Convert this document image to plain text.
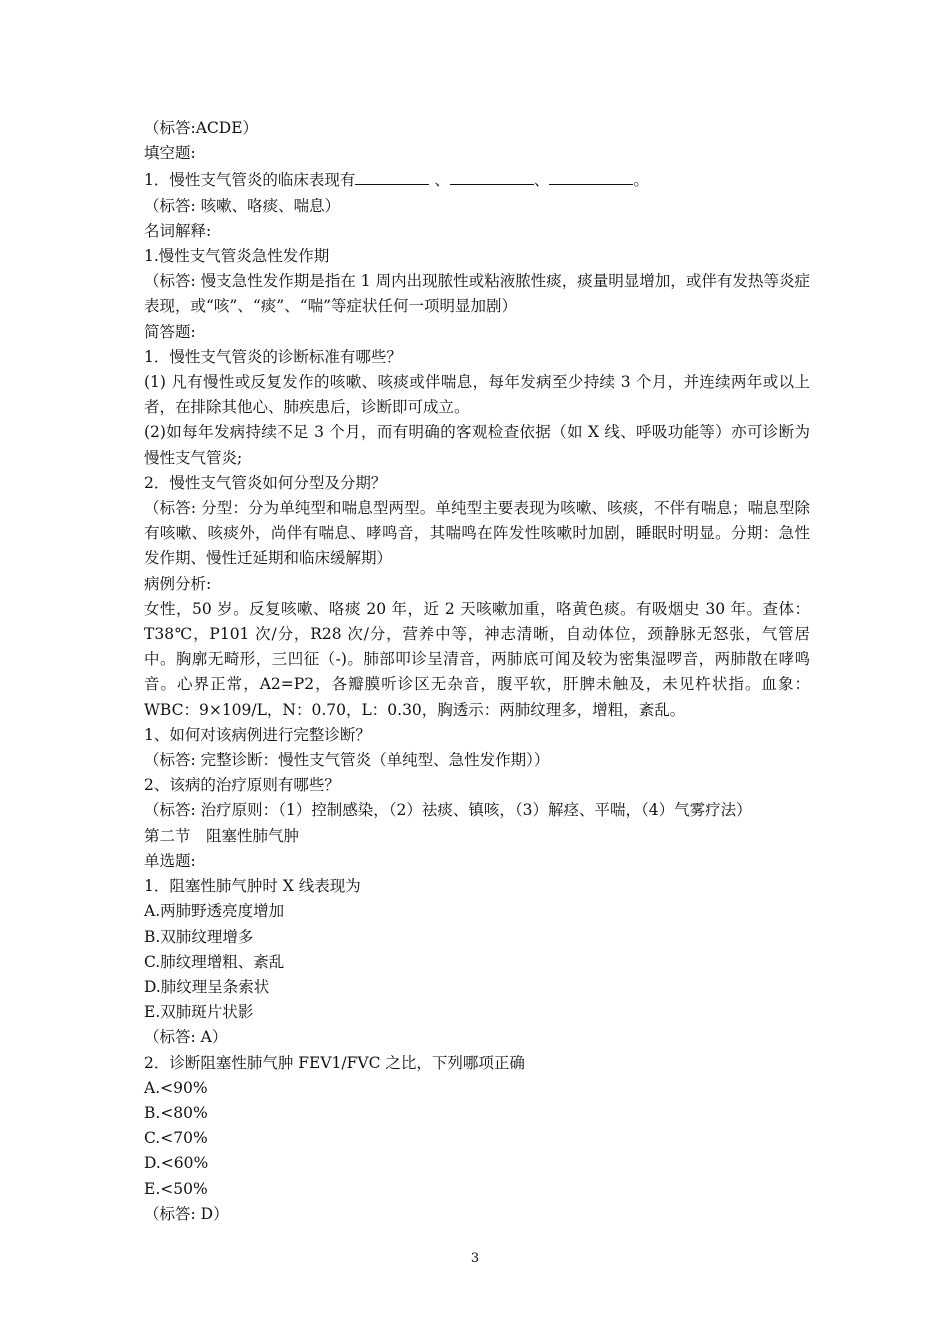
（标答:ACDE）
填空题:
1．慢性支气管炎的临床表现有	、	、	。
（标答: 咳嗽、咯痰、喘息）
名词解释:
1.慢性支气管炎急性发作期
（标答: 慢支急性发作期是指在 1 周内出现脓性或粘液脓性痰，痰量明显增加，或伴有发热等炎症表现，或“咳”、“痰”、“喘”等症状任何一项明显加剧）
简答题:
1．慢性支气管炎的诊断标准有哪些？
(1) 凡有慢性或反复发作的咳嗽、咳痰或伴喘息，每年发病至少持续 3 个月，并连续两年或以上者，在排除其他心、肺疾患后，诊断即可成立。
(2)如每年发病持续不足 3 个月，而有明确的客观检查依据（如 X 线、呼吸功能等）亦可诊断为慢性支气管炎;
2．慢性支气管炎如何分型及分期？
（标答: 分型：分为单纯型和喘息型两型。单纯型主要表现为咳嗽、咳痰，不伴有喘息；喘息型除有咳嗽、咳痰外，尚伴有喘息、哮鸣音，其喘鸣在阵发性咳嗽时加剧，睡眠时明显。分期：急性发作期、慢性迁延期和临床缓解期）
病例分析:
女性，50 岁。反复咳嗽、咯痰 20 年，近 2 天咳嗽加重，咯黄色痰。有吸烟史 30 年。查体：T38℃，P101 次/分，R28 次/分，营养中等，神志清晰，自动体位，颈静脉无怒张，气管居中。胸廓无畸形，三凹征（-)。肺部叩诊呈清音，两肺底可闻及较为密集湿啰音，两肺散在哮鸣音。心界正常，A2=P2，各瓣膜听诊区无杂音，腹平软，肝脾未触及，未见杵状指。血象：WBC：9×109/L，N：0.70，L：0.30，胸透示：两肺纹理多，增粗，紊乱。
1、如何对该病例进行完整诊断？
（标答: 完整诊断：慢性支气管炎（单纯型、急性发作期））
2、该病的治疗原则有哪些？
（标答: 治疗原则：（1）控制感染，（2）祛痰、镇咳，（3）解痉、平喘，（4）气雾疗法）
第二节　阻塞性肺气肿
单选题:
1．阻塞性肺气肿时 X 线表现为
A.两肺野透亮度增加
B.双肺纹理增多
C.肺纹理增粗、紊乱
D.肺纹理呈条索状
E.双肺斑片状影
（标答: A）
2．诊断阻塞性肺气肿 FEV1/FVC 之比，下列哪项正确
A.<90%
B.<80%
C.<70%
D.<60%
E.<50%
（标答: D）
3
